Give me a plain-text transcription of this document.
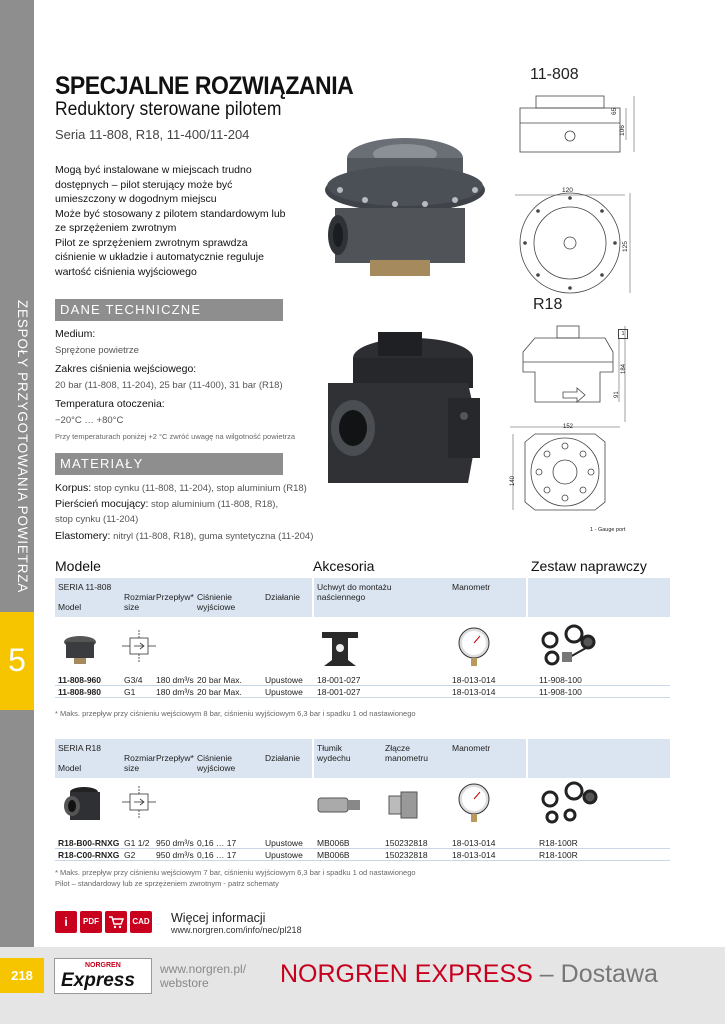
ZESPOŁY PRZYGOTOWANIA POWIETRZA
5
SPECJALNE ROZWIĄZANIA
Reduktory sterowane pilotem
Seria 11-808, R18, 11-400/11-204

Mogą być instalowane w miejscach trudno dostępnych – pilot sterujący może być umieszczony w dogodnym miejscu

Może być stosowany z pilotem standardowym lub ze sprzężeniem zwrotnym

Pilot ze sprzężeniem zwrotnym sprawdza ciśnienie w układzie i automatycznie reguluje wartość ciśnienia wyjściowego

11-808
65
106
120
125
DANE TECHNICZNE
Medium:
Sprężone powietrze
Zakres ciśnienia wejściowego:
20 bar (11-808, 11-204), 25 bar (11-400), 31 bar (R18)
Temperatura otoczenia:
−20°C … +80°C
Przy temperaturach poniżej +2 °C zwróć uwagę na wilgotność powietrza
MATERIAŁY
Korpus: stop cynku (11-808, 11-204), stop aluminium (R18)
Pierścień mocujący: stop aluminium (11-808, R18),
stop cynku (11-204)
Elastomery: nitryl (11-808, R18), guma syntetyczna (11-204)
R18
1
184
91
152
140
1 - Gauge port
Modele	Akcesoria	Zestaw naprawczy
SERIA 11-808
Model
Rozmiar size
Przepływ* Ciśnienie wyjściowe
Działanie
Uchwyt do montażu naściennego
Manometr
11-808-960	G3/4 180 dm³/s 20 bar Max.	Upustowe 18-001-027	18-013-014	11-908-100
11-808-980	G1 180 dm³/s 20 bar Max.	Upustowe 18-001-027	18-013-014	11-908-100
* Maks. przepływ przy ciśnieniu wejściowym 8 bar, ciśnieniu wyjściowym 6,3 bar i spadku 1 od nastawionego
SERIA R18
Model
Rozmiar size
Przepływ* Ciśnienie wyjściowe
Działanie
Tłumik wydechu
Złącze manometru
Manometr
R18-B00-RNXG G1 1/2 950 dm³/s 0,16 … 17	Upustowe MB006B	150232818	18-013-014	R18-100R
R18-C00-RNXG G2 950 dm³/s 0,16 … 17	Upustowe MB006B	150232818	18-013-014	R18-100R
* Maks. przepływ przy ciśnieniu wejściowym 7 bar, ciśnieniu wyjściowym 6,3 bar i spadku 1 od nastawionego
Pilot – standardowy lub ze sprzężeniem zwrotnym - patrz schematy
i	PDF	CAD Więcej informacji
www.norgren.com/info/nec/pl218
218
NORGREN
Express
www.norgren.pl/
webstore	NORGREN EXPRESS – Dostawa
